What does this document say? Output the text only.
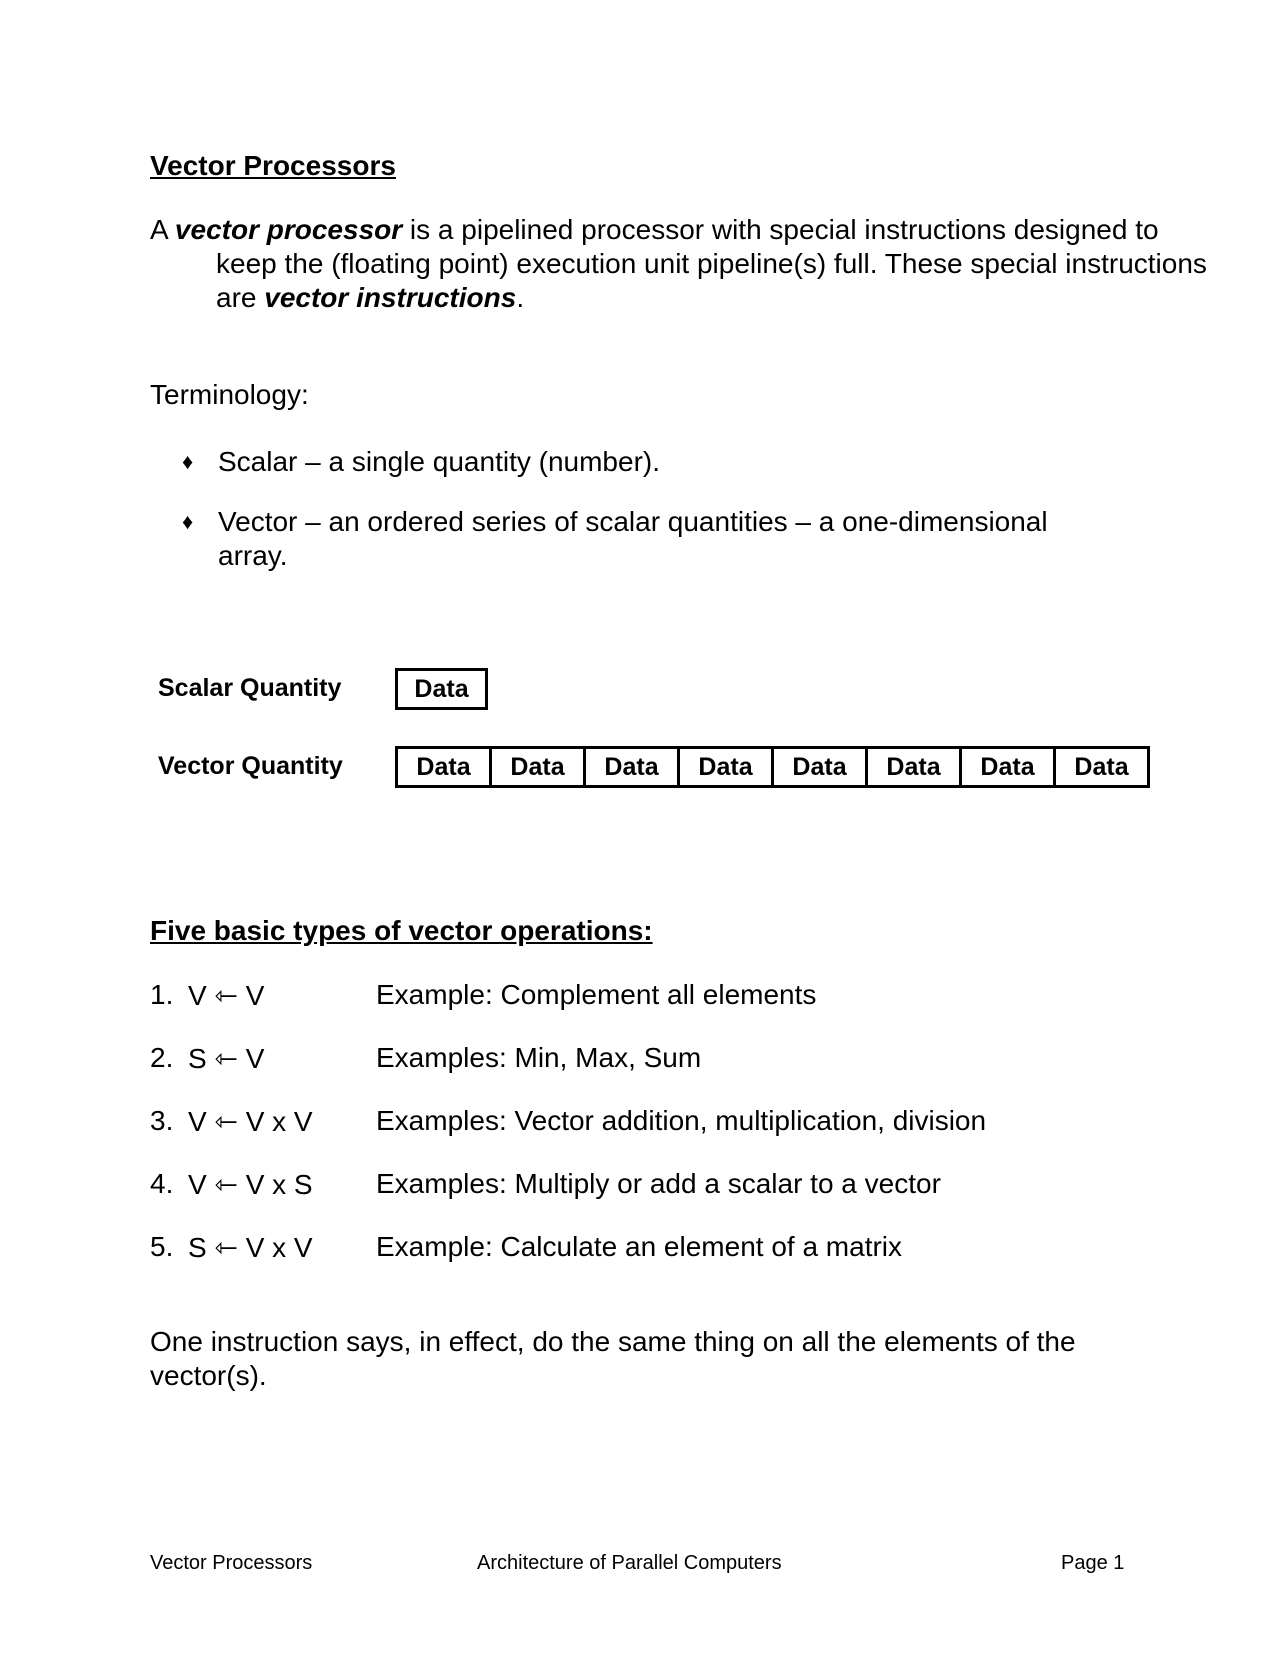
Vector Processors
A vector processor is a pipelined processor with special instructions designed to keep the (floating point) execution unit pipeline(s) full. These special instructions are vector instructions.
Terminology:
♦ Scalar – a single quantity (number).
♦ Vector – an ordered series of scalar quantities – a one-dimensional array.
Scalar Quantity	Data
Vector Quantity	Data	Data	Data	Data	Data	Data	Data	Data
Five basic types of vector operations:
1. V ⇽ V	Example: Complement all elements
2. S ⇽ V	Examples: Min, Max, Sum
3. V ⇽ V x V Examples: Vector addition, multiplication, division
4. V ⇽ V x S Examples: Multiply or add a scalar to a vector
5. S ⇽ V x V Example: Calculate an element of a matrix
One instruction says, in effect, do the same thing on all the elements of the vector(s).
Vector Processors	Architecture of Parallel Computers	Page 1
